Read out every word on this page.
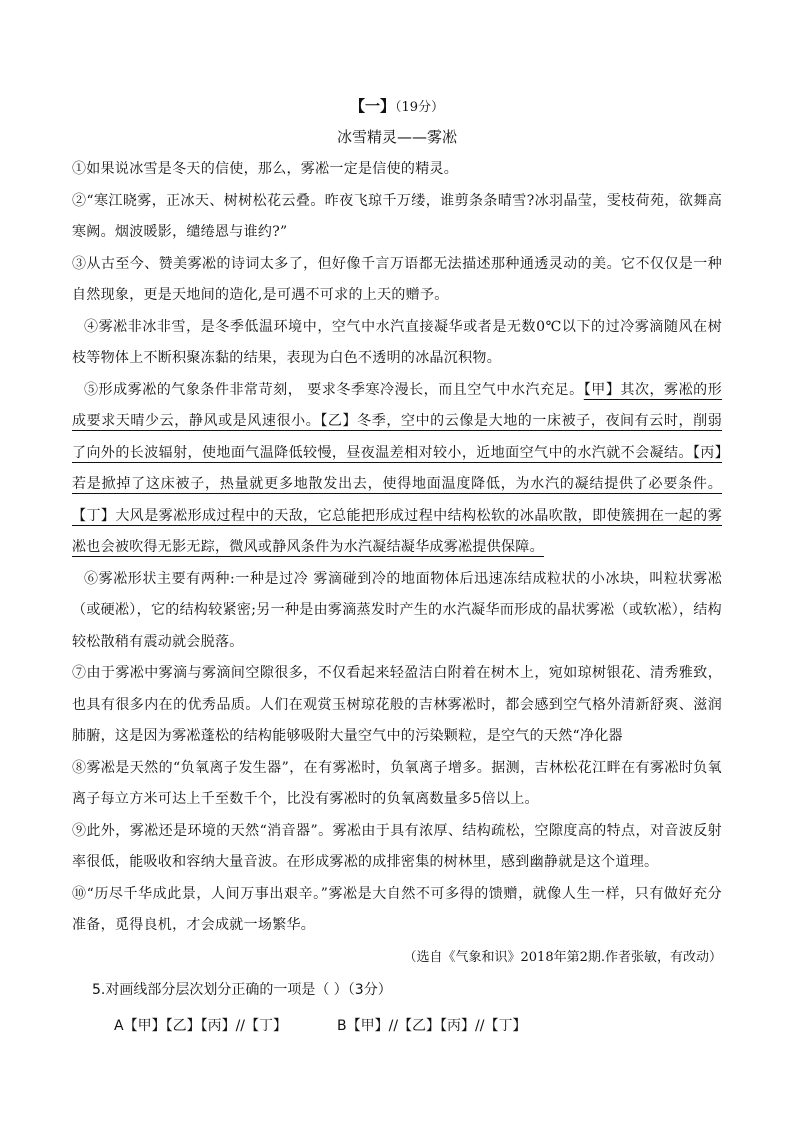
【一】（19分）
冰雪精灵——雾凇

①如果说冰雪是冬天的信使，那么，雾凇一定是信使的精灵。

②“寒江晓雾，正冰天、树树松花云叠。昨夜飞琼千万缕，谁剪条条晴雪?冰羽晶莹，雯枝荷苑，欲舞高寒阙。烟波暖影，缱绻恩与谁约?”

③从古至今、赞美雾凇的诗词太多了，但好像千言万语都无法描述那种通透灵动的美。它不仅仅是一种自然现象，更是天地间的造化,是可遇不可求的上天的赠予。

④雾凇非冰非雪，是冬季低温环境中，空气中水汽直接凝华或者是无数0℃以下的过冷雾滴随风在树枝等物体上不断积聚冻黏的结果，表现为白色不透明的冰晶沉积物。

⑤形成雾凇的气象条件非常苛刻， 要求冬季寒冷漫长，而且空气中水汽充足。【甲】其次，雾凇的形成要求天晴少云，静风或是风速很小。【乙】冬季，空中的云像是大地的一床被子，夜间有云时，削弱了向外的长波辐射，使地面气温降低较慢，昼夜温差相对较小，近地面空气中的水汽就不会凝结。【丙】若是掀掉了这床被子，热量就更多地散发出去，使得地面温度降低，为水汽的凝结提供了必要条件。【丁】大风是雾凇形成过程中的天敌，它总能把形成过程中结构松软的冰晶吹散，即使簇拥在一起的雾凇也会被吹得无影无踪，微风或静风条件为水汽凝结凝华成雾凇提供保障。

⑥雾凇形状主要有两种:一种是过冷 雾滴碰到冷的地面物体后迅速冻结成粒状的小冰块，叫粒状雾凇（或硬凇），它的结构较紧密;另一种是由雾滴蒸发时产生的水汽凝华而形成的晶状雾凇（或软凇），结构较松散稍有震动就会脱落。

⑦由于雾凇中雾滴与雾滴间空隙很多，不仅看起来轻盈洁白附着在树木上，宛如琼树银花、清秀雅致，也具有很多内在的优秀品质。人们在观赏玉树琼花般的吉林雾凇时，都会感到空气格外清新舒爽、滋润肺腑，这是因为雾凇蓬松的结构能够吸附大量空气中的污染颗粒，是空气的天然“净化器

⑧雾凇是天然的“负氧离子发生器”，在有雾凇时，负氧离子增多。据测，吉林松花江畔在有雾凇时负氧离子每立方米可达上千至数千个，比没有雾凇时的负氧离数量多5倍以上。

⑨此外，雾凇还是环境的天然“消音器”。雾凇由于具有浓厚、结构疏松，空隙度高的特点，对音波反射率很低，能吸收和容纳大量音波。在形成雾凇的成排密集的树林里，感到幽静就是这个道理。

⑩“历尽千华成此景，人间万事出艰辛。”雾凇是大自然不可多得的馈赠，就像人生一样，只有做好充分准备，觅得良机，才会成就一场繁华。

（选自《气象和识》2018年第2期.作者张敏，有改动）
5.对画线部分层次划分正确的一项是（ ）（3分）
A【甲】【乙】【丙】//【丁】	B【甲】//【乙】【丙】//【丁】
